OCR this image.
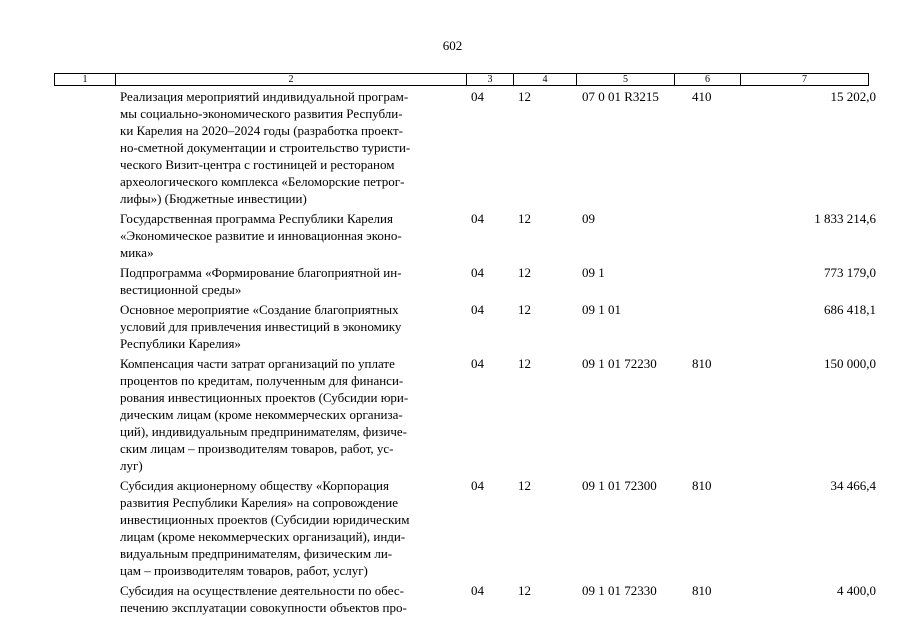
602
1	2	3	4	5	6	7
Реализация мероприятий индивидуальной програм-
мы социально-экономического развития Республи-
ки Карелия на 2020–2024 годы (разработка проект-
но-сметной документации и строительство туристи-
ческого Визит-центра с гостиницей и рестораном
археологического комплекса «Беломорские петрог-
лифы») (Бюджетные инвестиции)
04	12	07 0 01 R3215	410	15 202,0
Государственная программа Республики Карелия
«Экономическое развитие и инновационная эконо-
мика»
04	12	09	1 833 214,6
Подпрограмма «Формирование благоприятной ин-
вестиционной среды»
04	12	09 1	773 179,0
Основное мероприятие «Создание благоприятных
условий для привлечения инвестиций в экономику
Республики Карелия»
04	12	09 1 01	686 418,1
Компенсация части затрат организаций по уплате
процентов по кредитам, полученным для финанси-
рования инвестиционных проектов (Субсидии юри-
дическим лицам (кроме некоммерческих организа-
ций), индивидуальным предпринимателям, физиче-
ским лицам – производителям товаров, работ, ус-
луг)
04	12	09 1 01 72230	810	150 000,0
Субсидия акционерному обществу «Корпорация
развития Республики Карелия» на сопровождение
инвестиционных проектов (Субсидии юридическим
лицам (кроме некоммерческих организаций), инди-
видуальным предпринимателям, физическим ли-
цам – производителям товаров, работ, услуг)
04	12	09 1 01 72300	810	34 466,4
Субсидия на осуществление деятельности по обес-
печению эксплуатации совокупности объектов про-
04	12	09 1 01 72330	810	4 400,0
